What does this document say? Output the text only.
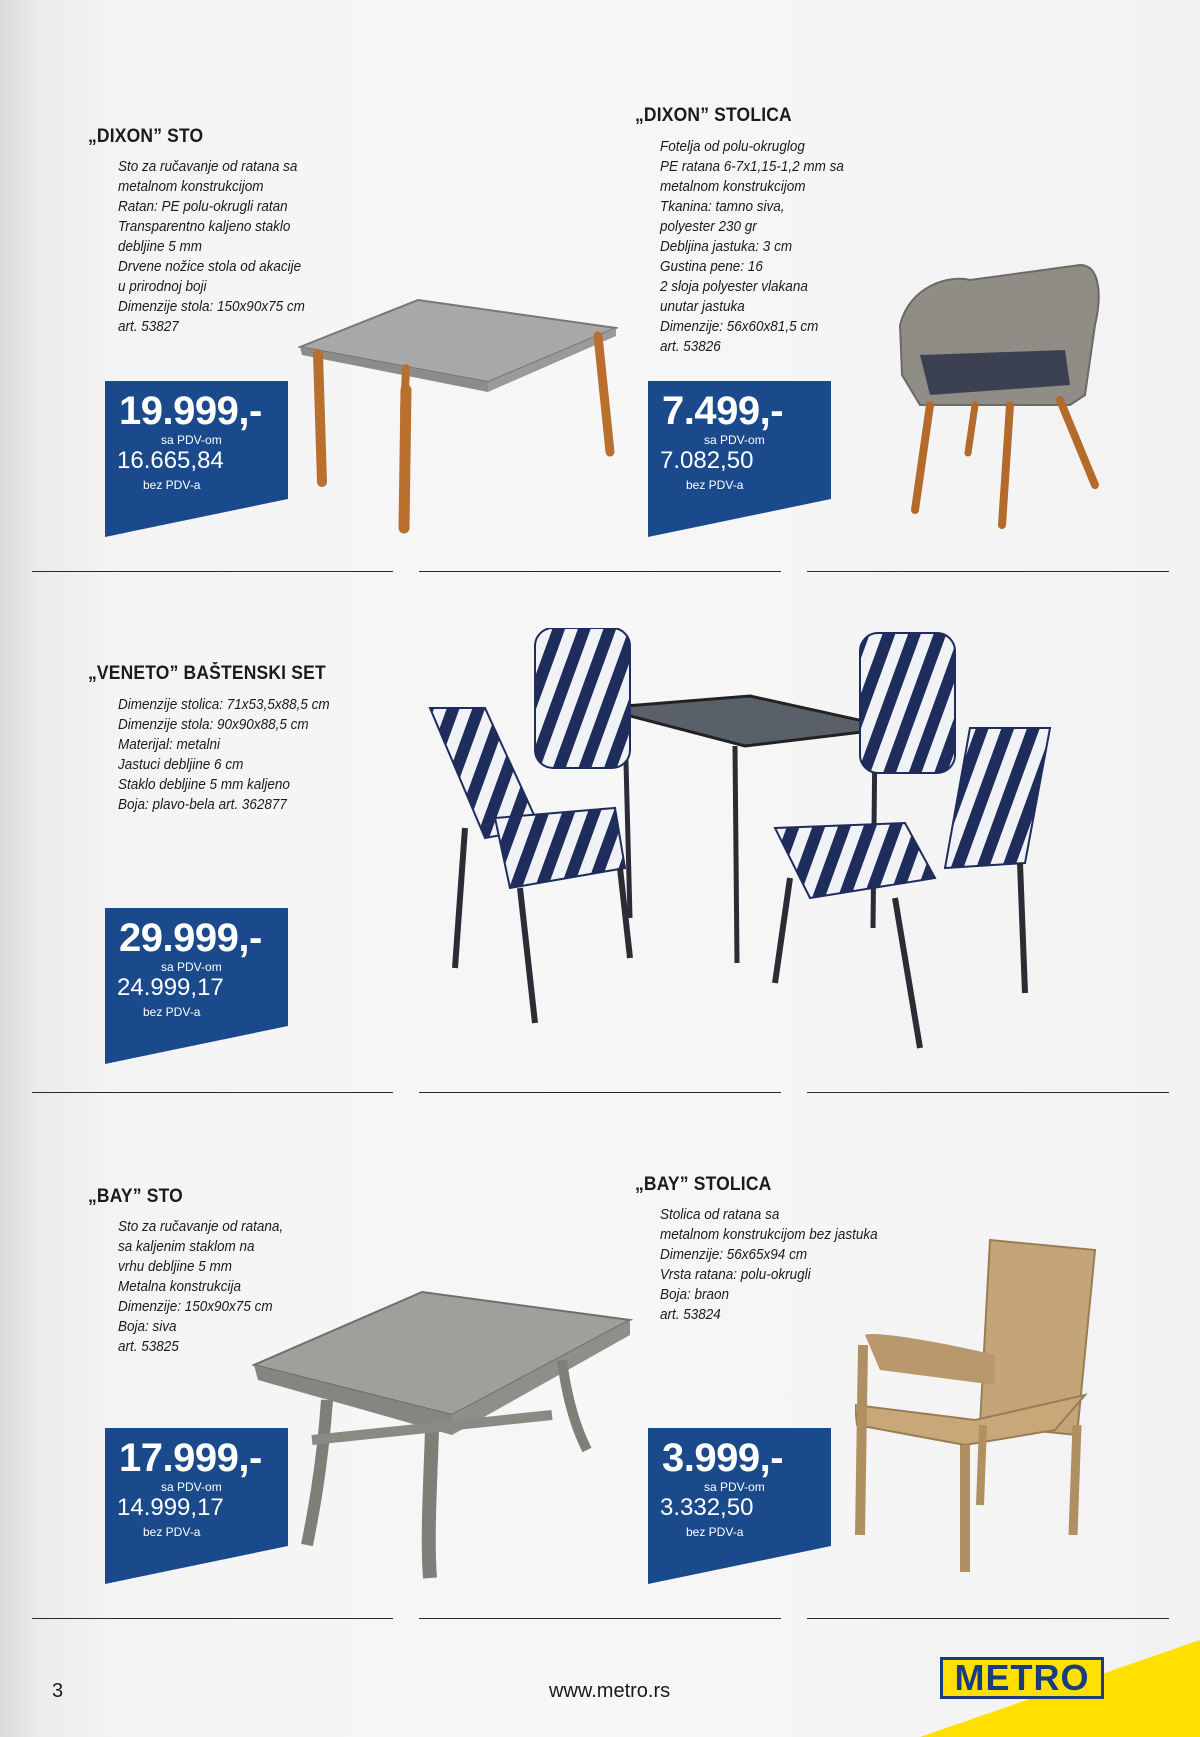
„DIXON” STO
Sto za ručavanje od ratana sa
metalnom konstrukcijom
Ratan: PE polu-okrugli ratan
Transparentno kaljeno staklo
debljine 5 mm
Drvene nožice stola od akacije
u prirodnoj boji
Dimenzije stola: 150x90x75 cm
art. 53827
19.999,-
sa PDV-om
16.665,84
bez PDV-a
„DIXON” STOLICA
Fotelja od polu-okruglog
PE ratana 6-7x1,15-1,2 mm sa
metalnom konstrukcijom
Tkanina: tamno siva,
polyester 230 gr
Debljina jastuka: 3 cm
Gustina pene: 16
2 sloja polyester vlakana
unutar jastuka
Dimenzije: 56x60x81,5 cm
art. 53826
7.499,-
sa PDV-om
7.082,50
bez PDV-a
„VENETO” BAŠTENSKI SET
Dimenzije stolica: 71x53,5x88,5 cm
Dimenzije stola: 90x90x88,5 cm
Materijal: metalni
Jastuci debljine 6 cm
Staklo debljine 5 mm kaljeno
Boja: plavo-bela art. 362877
29.999,-
sa PDV-om
24.999,17
bez PDV-a
„BAY” STO
Sto za ručavanje od ratana,
sa kaljenim staklom na
vrhu debljine 5 mm
Metalna konstrukcija
Dimenzije: 150x90x75 cm
Boja: siva
art. 53825
17.999,-
sa PDV-om
14.999,17
bez PDV-a
„BAY” STOLICA
Stolica od ratana sa
metalnom konstrukcijom bez jastuka
Dimenzije: 56x65x94 cm
Vrsta ratana: polu-okrugli
Boja: braon
art. 53824
3.999,-
sa PDV-om
3.332,50
bez PDV-a
3	www.metro.rs	METRO
